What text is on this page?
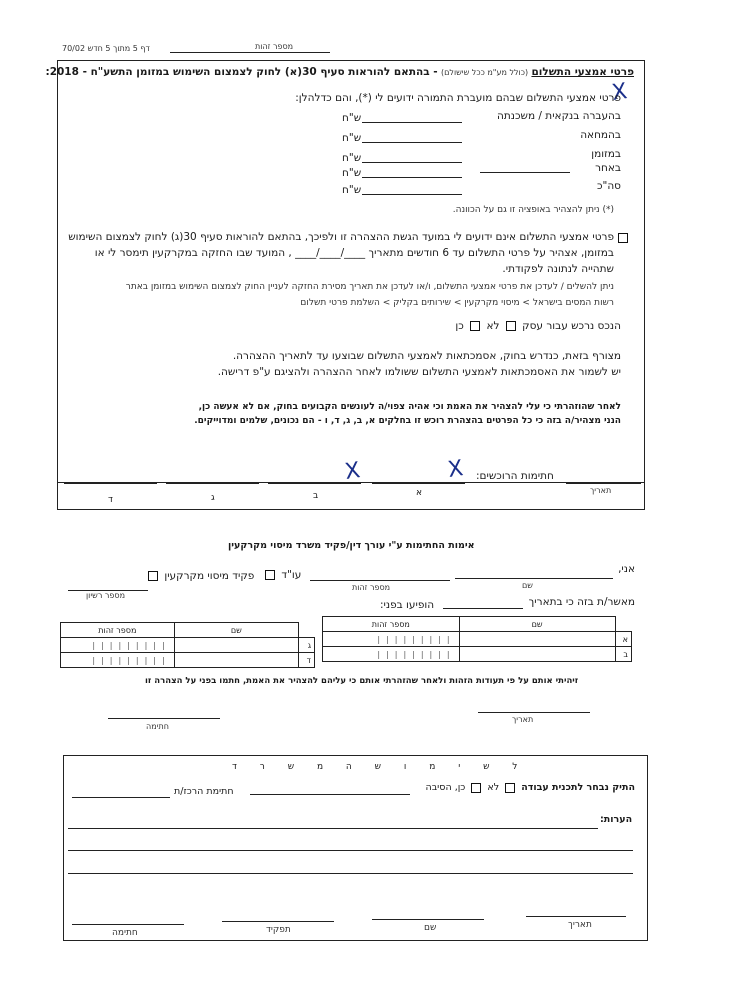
דף 5 מתוך 5 חדש 70/02	מספר זהות
פרטי אמצעי התשלום (כולל מע"מ ככל שישולם) - בהתאם להוראות סעיף 30(א) לחוק לצמצום השימוש במזומן התשע"ח - 2018:
X
פרטי אמצעי התשלום שבהם מועברת התמורה ידועים לי (*), והם כדלהלן:
בהעברה בנקאית / משכנתה
ש"ח
בהמחאה
ש"ח
במזומן
ש"ח
באחר
ש"ח
סה"כ
ש"ח
(*) ניתן להצהיר באופציה זו גם על הכוונה.
פרטי אמצעי התשלום אינם ידועים לי במועד הגשת ההצהרה זו ולפיכך, בהתאם להוראות סעיף 30(ג) לחוק לצמצום השימוש
במזומן, אצהיר על פרטי התשלום עד 6 חודשים מתאריך ____/____/____ , המועד שבו החזקה במקרקעין תימסר לי או
שתהייה לנתונה לפקודתי.
ניתן להשלים / לעדכן את פרטי אמצעי התשלום, ו/או לעדכן את תאריך מסירת החזקה לעניין החוק לצמצום השימוש במזומן באתר
רשות המסים בישראל > מיסוי מקרקעין > שירותים בקליק > השלמת פרטי תשלום
הנכס נרכש עבור עסק  לא  כן
מצורף בזאת, כנדרש בחוק, אסמכתאות לאמצעי התשלום שבוצעו עד לתאריך ההצהרה.
יש לשמור את האסמכתאות לאמצעי התשלום ששולמו לאחר ההצהרה ולהציגם ע"פ דרישה.
לאחר שהוזהרתי כי עלי להצהיר את האמת וכי אהיה צפוי/ה לעונשים הקבועים בחוק, אם לא אעשה כן,
הנני מצהיר/ה בזה כי כל הפרטים בהצהרת רוכש זו בחלקים א, ב, ג, ד, ו - הם נכונים, שלמים ומדוייקים.
חתימות הרוכשים:
תאריך
X
X
א
ב
ג
ד
אימות החתימות ע"י עורך דין/פקיד משרד מיסוי מקרקעין
אני,
שם
מספר זהות
עו"ד
פקיד מיסוי מקרקעין
מספר רשיון
מאשר/ת בזה כי בתאריך
הופיעו בפני:
	שם	מספר זהות
א		|||||||||
ב		|||||||||
	שם	מספר זהות
ג		|||||||||
ד		|||||||||
זיהיתי אותם על פי תעודות הזהות ולאחר שהזהרתי אותם כי עליהם להצהיר את האמת, חתמו בפני על הצהרה זו
תאריך
חתימה
ל ש י מ ו ש ה מ ש ר ד
התיק נבחר לתכנית עבודה  לא  כן, הסיבה
חתימת הרכז/ת
הערות:
תאריך
שם
תפקיד
חתימה
